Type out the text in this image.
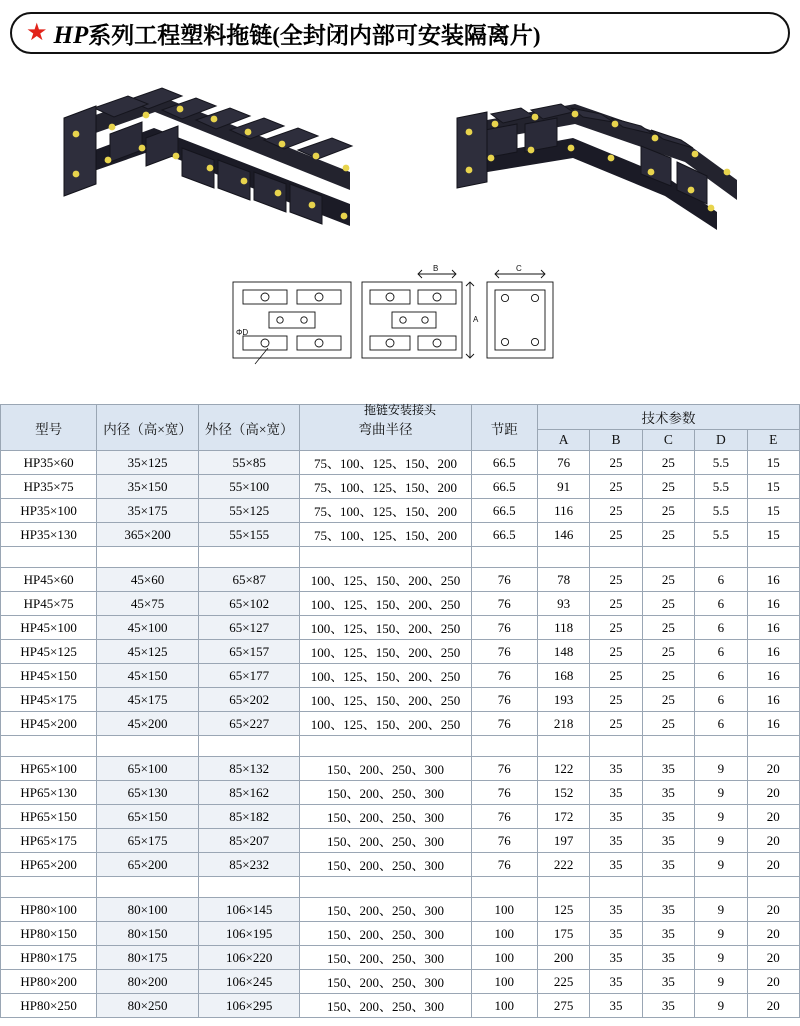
★ HP系列工程塑料拖链(全封闭内部可安装隔离片)
A
B	C
ΦD
拖链安装接头
型号	内径（高×宽）	外径（高×宽）	弯曲半径	节距	技术参数				
					A	B	C	D	E
HP35×60	35×125	55×85	75、100、125、150、200	66.5	76	25	25	5.5	15
HP35×75	35×150	55×100	75、100、125、150、200	66.5	91	25	25	5.5	15
HP35×100	35×175	55×125	75、100、125、150、200	66.5	116	25	25	5.5	15
HP35×130	365×200	55×155	75、100、125、150、200	66.5	146	25	25	5.5	15

HP45×60	45×60	65×87	100、125、150、200、250	76	78	25	25	6	16
HP45×75	45×75	65×102	100、125、150、200、250	76	93	25	25	6	16
HP45×100	45×100	65×127	100、125、150、200、250	76	118	25	25	6	16
HP45×125	45×125	65×157	100、125、150、200、250	76	148	25	25	6	16
HP45×150	45×150	65×177	100、125、150、200、250	76	168	25	25	6	16
HP45×175	45×175	65×202	100、125、150、200、250	76	193	25	25	6	16
HP45×200	45×200	65×227	100、125、150、200、250	76	218	25	25	6	16

HP65×100	65×100	85×132	150、200、250、300	76	122	35	35	9	20
HP65×130	65×130	85×162	150、200、250、300	76	152	35	35	9	20
HP65×150	65×150	85×182	150、200、250、300	76	172	35	35	9	20
HP65×175	65×175	85×207	150、200、250、300	76	197	35	35	9	20
HP65×200	65×200	85×232	150、200、250、300	76	222	35	35	9	20

HP80×100	80×100	106×145	150、200、250、300	100	125	35	35	9	20
HP80×150	80×150	106×195	150、200、250、300	100	175	35	35	9	20
HP80×175	80×175	106×220	150、200、250、300	100	200	35	35	9	20
HP80×200	80×200	106×245	150、200、250、300	100	225	35	35	9	20
HP80×250	80×250	106×295	150、200、250、300	100	275	35	35	9	20
